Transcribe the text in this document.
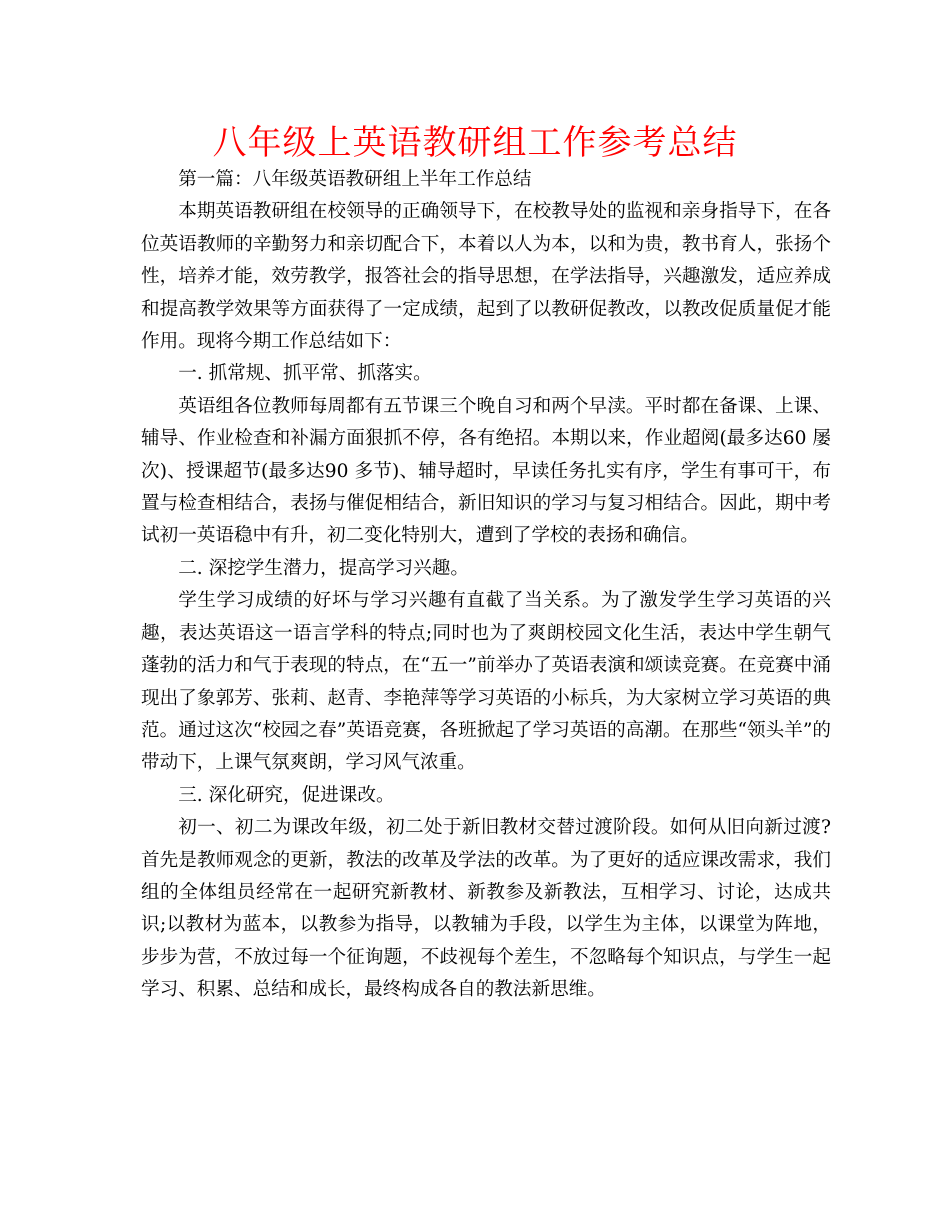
八年级上英语教研组工作参考总结

第一篇：八年级英语教研组上半年工作总结

本期英语教研组在校领导的正确领导下，在校教导处的监视和亲身指导下，在各位英语教师的辛勤努力和亲切配合下，本着以人为本，以和为贵，教书育人，张扬个性，培养才能，效劳教学，报答社会的指导思想，在学法指导，兴趣激发，适应养成和提高教学效果等方面获得了一定成绩，起到了以教研促教改，以教改促质量促才能作用。现将今期工作总结如下：

一. 抓常规、抓平常、抓落实。

英语组各位教师每周都有五节课三个晚自习和两个早渎。平时都在备课、上课、辅导、作业检查和补漏方面狠抓不停，各有绝招。本期以来，作业超阅(最多达60 屡次)、授课超节(最多达90 多节)、辅导超时，早读任务扎实有序，学生有事可干，布置与检查相结合，表扬与催促相结合，新旧知识的学习与复习相结合。因此，期中考试初一英语稳中有升，初二变化特别大，遭到了学校的表扬和确信。

二. 深挖学生潜力，提高学习兴趣。

学生学习成绩的好坏与学习兴趣有直截了当关系。为了激发学生学习英语的兴趣，表达英语这一语言学科的特点;同时也为了爽朗校园文化生活，表达中学生朝气蓬勃的活力和气于表现的特点，在“五一”前举办了英语表演和颂读竞赛。在竞赛中涌现出了象郭芳、张莉、赵青、李艳萍等学习英语的小标兵，为大家树立学习英语的典范。通过这次“校园之春”英语竞赛，各班掀起了学习英语的高潮。在那些“领头羊”的带动下，上课气氛爽朗，学习风气浓重。

三. 深化研究，促进课改。

初一、初二为课改年级，初二处于新旧教材交替过渡阶段。如何从旧向新过渡?首先是教师观念的更新，教法的改革及学法的改革。为了更好的适应课改需求，我们组的全体组员经常在一起研究新教材、新教参及新教法，互相学习、讨论，达成共识;以教材为蓝本，以教参为指导，以教辅为手段，以学生为主体，以课堂为阵地，步步为营，不放过每一个征询题，不歧视每个差生，不忽略每个知识点，与学生一起学习、积累、总结和成长，最终构成各自的教法新思维。
